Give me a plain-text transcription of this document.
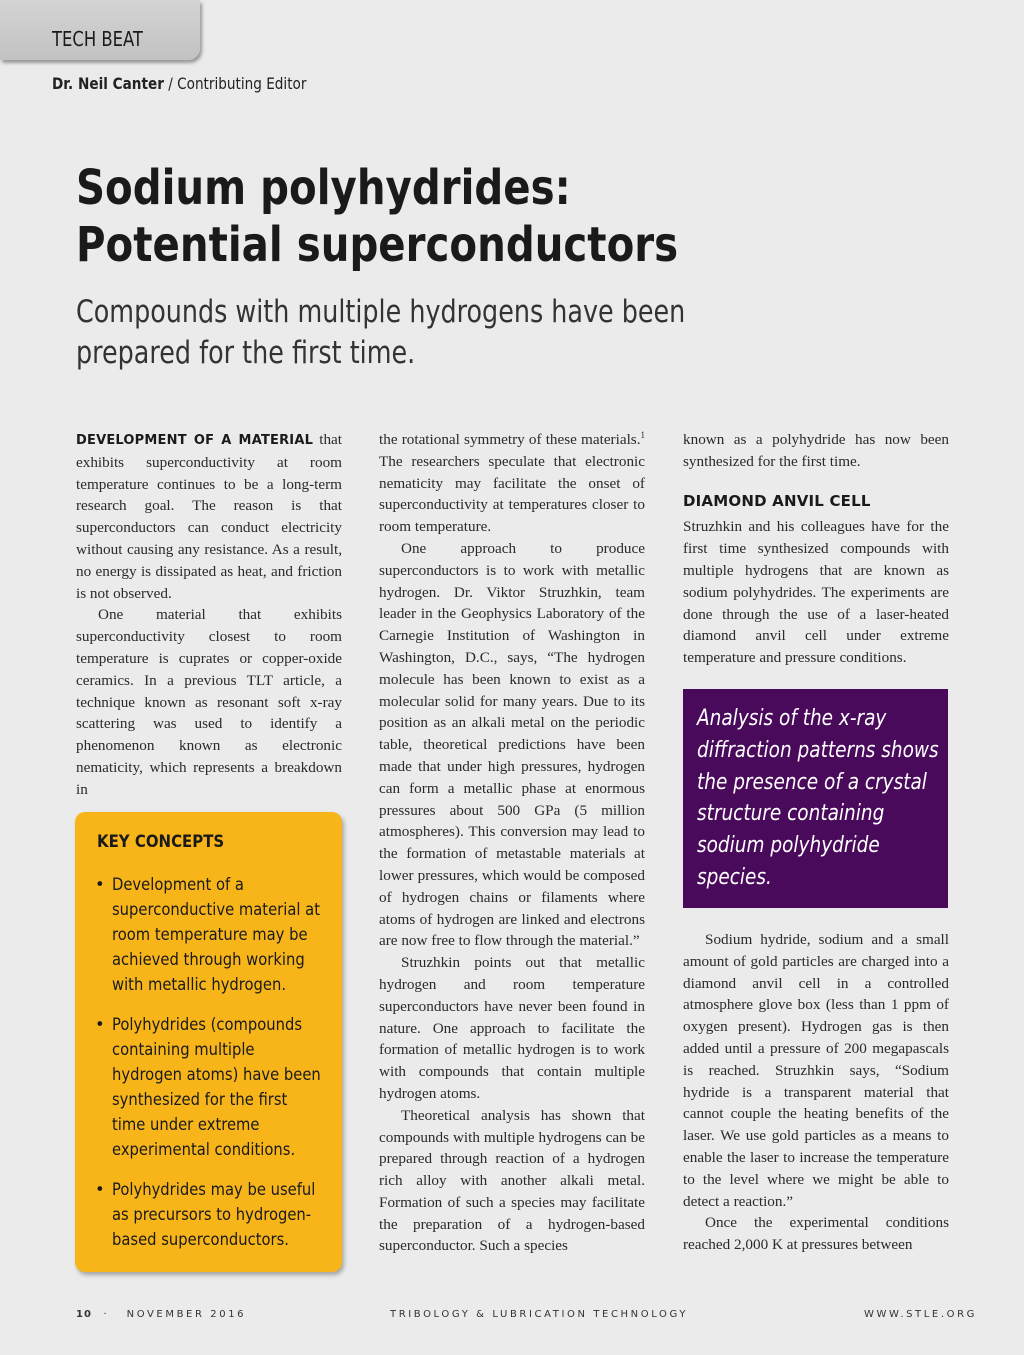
TECH BEAT
Dr. Neil Canter / Contributing Editor
Sodium polyhydrides:
Potential superconductors
Compounds with multiple hydrogens have been
prepared for the first time.

DEVELOPMENT OF A MATERIAL that exhibits superconductivity at room temperature continues to be a long-term research goal. The reason is that superconductors can conduct electricity without causing any resistance. As a result, no energy is dissipated as heat, and friction is not observed.

One material that exhibits superconductivity closest to room temperature is cuprates or copper-oxide ceramics. In a previous TLT article, a technique known as resonant soft x-ray scattering was used to identify a phenomenon known as electronic nematicity, which represents a breakdown in

KEY CONCEPTS
• Development of a superconductive material at room temperature may be achieved through working with metallic hydrogen.
• Polyhydrides (compounds containing multiple hydrogen atoms) have been synthesized for the first time under extreme experimental conditions.
• Polyhydrides may be useful as precursors to hydrogen-based superconductors.

the rotational symmetry of these materials.$^1$ The researchers speculate that electronic nematicity may facilitate the onset of superconductivity at temperatures closer to room temperature.

One approach to produce superconductors is to work with metallic hydrogen. Dr. Viktor Struzhkin, team leader in the Geophysics Laboratory of the Carnegie Institution of Washington in Washington, D.C., says, “The hydrogen molecule has been known to exist as a molecular solid for many years. Due to its position as an alkali metal on the periodic table, theoretical predictions have been made that under high pressures, hydrogen can form a metallic phase at enormous pressures about 500 GPa (5 million atmospheres). This conversion may lead to the formation of metastable materials at lower pressures, which would be composed of hydrogen chains or filaments where atoms of hydrogen are linked and electrons are now free to flow through the material.”

Struzhkin points out that metallic hydrogen and room temperature superconductors have never been found in nature. One approach to facilitate the formation of metallic hydrogen is to work with compounds that contain multiple hydrogen atoms.

Theoretical analysis has shown that compounds with multiple hydrogens can be prepared through reaction of a hydrogen rich alloy with another alkali metal. Formation of such a species may facilitate the preparation of a hydrogen-based superconductor. Such a species

known as a polyhydride has now been synthesized for the first time.

DIAMOND ANVIL CELL

Struzhkin and his colleagues have for the first time synthesized compounds with multiple hydrogens that are known as sodium polyhydrides. The experiments are done through the use of a laser-heated diamond anvil cell under extreme temperature and pressure conditions.

Analysis of the x-ray diffraction patterns shows the presence of a crystal structure containing sodium polyhydride species.

Sodium hydride, sodium and a small amount of gold particles are charged into a diamond anvil cell in a controlled atmosphere glove box (less than 1 ppm of oxygen present). Hydrogen gas is then added until a pressure of 200 megapascals is reached. Struzhkin says, “Sodium hydride is a transparent material that cannot couple the heating benefits of the laser. We use gold particles as a means to enable the laser to increase the temperature to the level where we might be able to detect a reaction.”

Once the experimental conditions reached 2,000 K at pressures between

10 · NOVEMBER 2016	TRIBOLOGY & LUBRICATION TECHNOLOGY	WWW.STLE.ORG
